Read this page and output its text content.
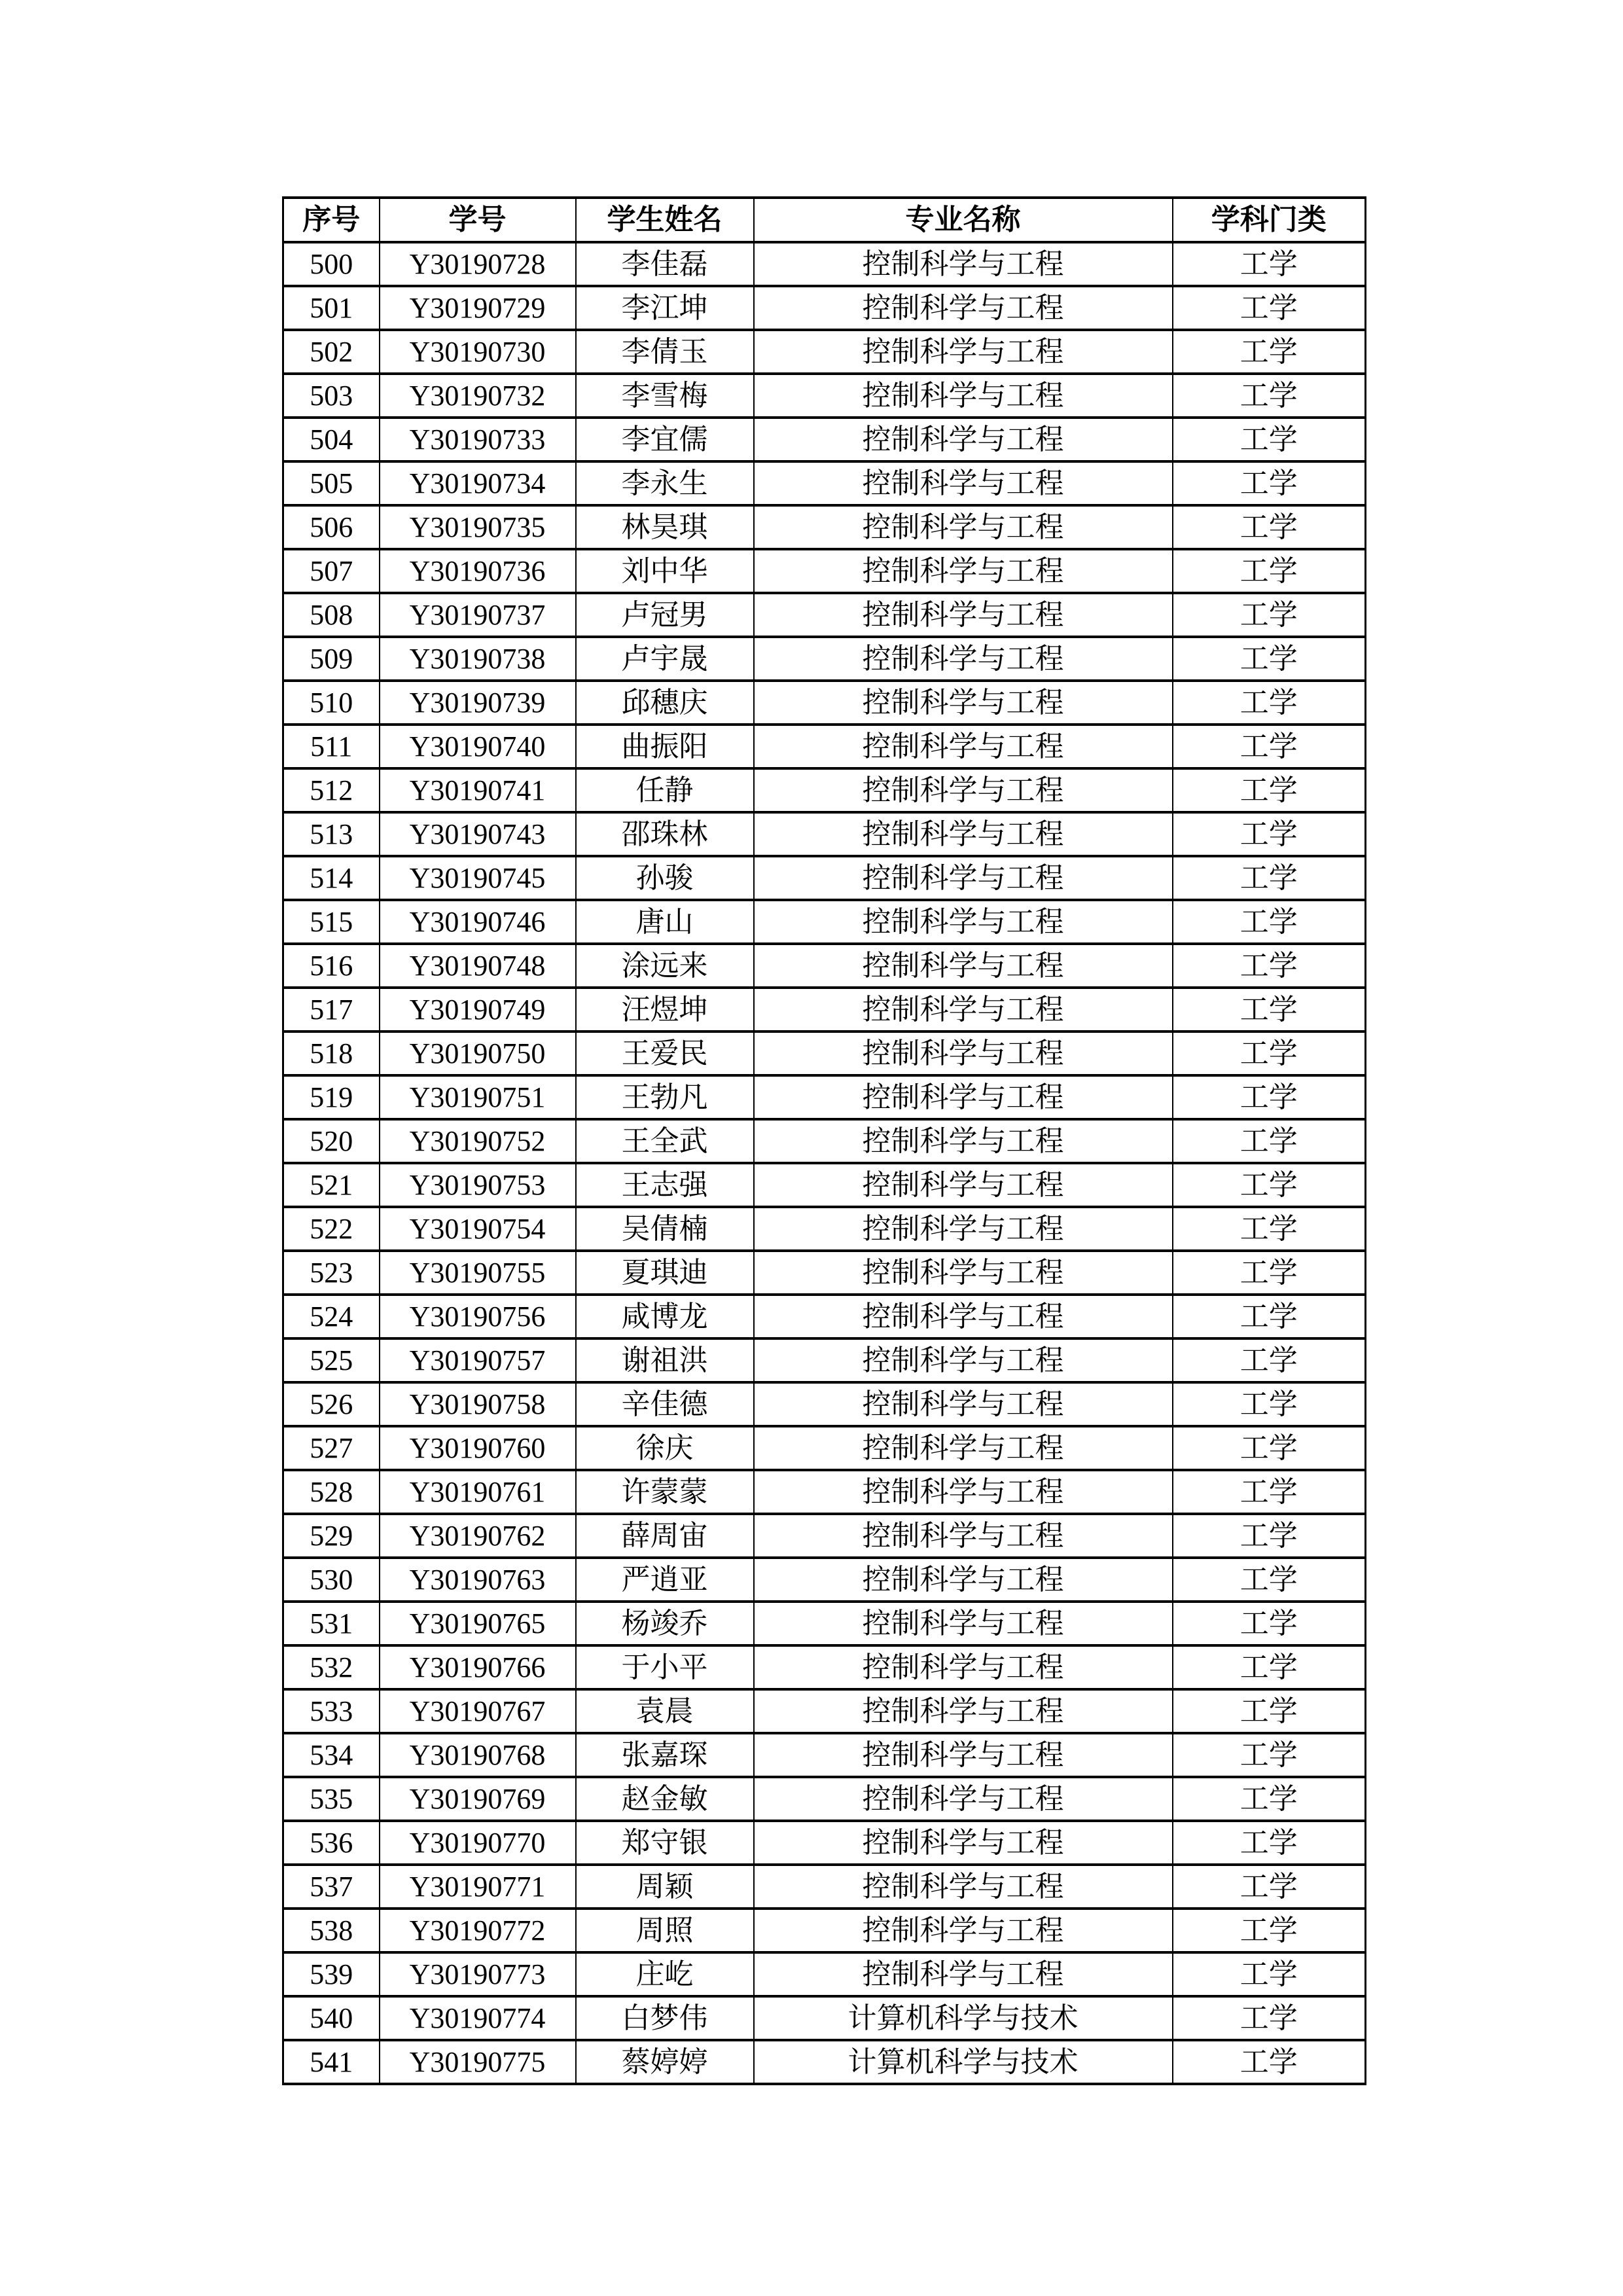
序号	学号	学生姓名	专业名称	学科门类
500	Y30190728	李佳磊	控制科学与工程	工学
501	Y30190729	李江坤	控制科学与工程	工学
502	Y30190730	李倩玉	控制科学与工程	工学
503	Y30190732	李雪梅	控制科学与工程	工学
504	Y30190733	李宜儒	控制科学与工程	工学
505	Y30190734	李永生	控制科学与工程	工学
506	Y30190735	林昊琪	控制科学与工程	工学
507	Y30190736	刘中华	控制科学与工程	工学
508	Y30190737	卢冠男	控制科学与工程	工学
509	Y30190738	卢宇晟	控制科学与工程	工学
510	Y30190739	邱穗庆	控制科学与工程	工学
511	Y30190740	曲振阳	控制科学与工程	工学
512	Y30190741	任静	控制科学与工程	工学
513	Y30190743	邵珠林	控制科学与工程	工学
514	Y30190745	孙骏	控制科学与工程	工学
515	Y30190746	唐山	控制科学与工程	工学
516	Y30190748	涂远来	控制科学与工程	工学
517	Y30190749	汪煜坤	控制科学与工程	工学
518	Y30190750	王爱民	控制科学与工程	工学
519	Y30190751	王勃凡	控制科学与工程	工学
520	Y30190752	王全武	控制科学与工程	工学
521	Y30190753	王志强	控制科学与工程	工学
522	Y30190754	吴倩楠	控制科学与工程	工学
523	Y30190755	夏琪迪	控制科学与工程	工学
524	Y30190756	咸博龙	控制科学与工程	工学
525	Y30190757	谢祖洪	控制科学与工程	工学
526	Y30190758	辛佳德	控制科学与工程	工学
527	Y30190760	徐庆	控制科学与工程	工学
528	Y30190761	许蒙蒙	控制科学与工程	工学
529	Y30190762	薛周宙	控制科学与工程	工学
530	Y30190763	严逍亚	控制科学与工程	工学
531	Y30190765	杨竣乔	控制科学与工程	工学
532	Y30190766	于小平	控制科学与工程	工学
533	Y30190767	袁晨	控制科学与工程	工学
534	Y30190768	张嘉琛	控制科学与工程	工学
535	Y30190769	赵金敏	控制科学与工程	工学
536	Y30190770	郑守银	控制科学与工程	工学
537	Y30190771	周颖	控制科学与工程	工学
538	Y30190772	周照	控制科学与工程	工学
539	Y30190773	庄屹	控制科学与工程	工学
540	Y30190774	白梦伟	计算机科学与技术	工学
541	Y30190775	蔡婷婷	计算机科学与技术	工学
